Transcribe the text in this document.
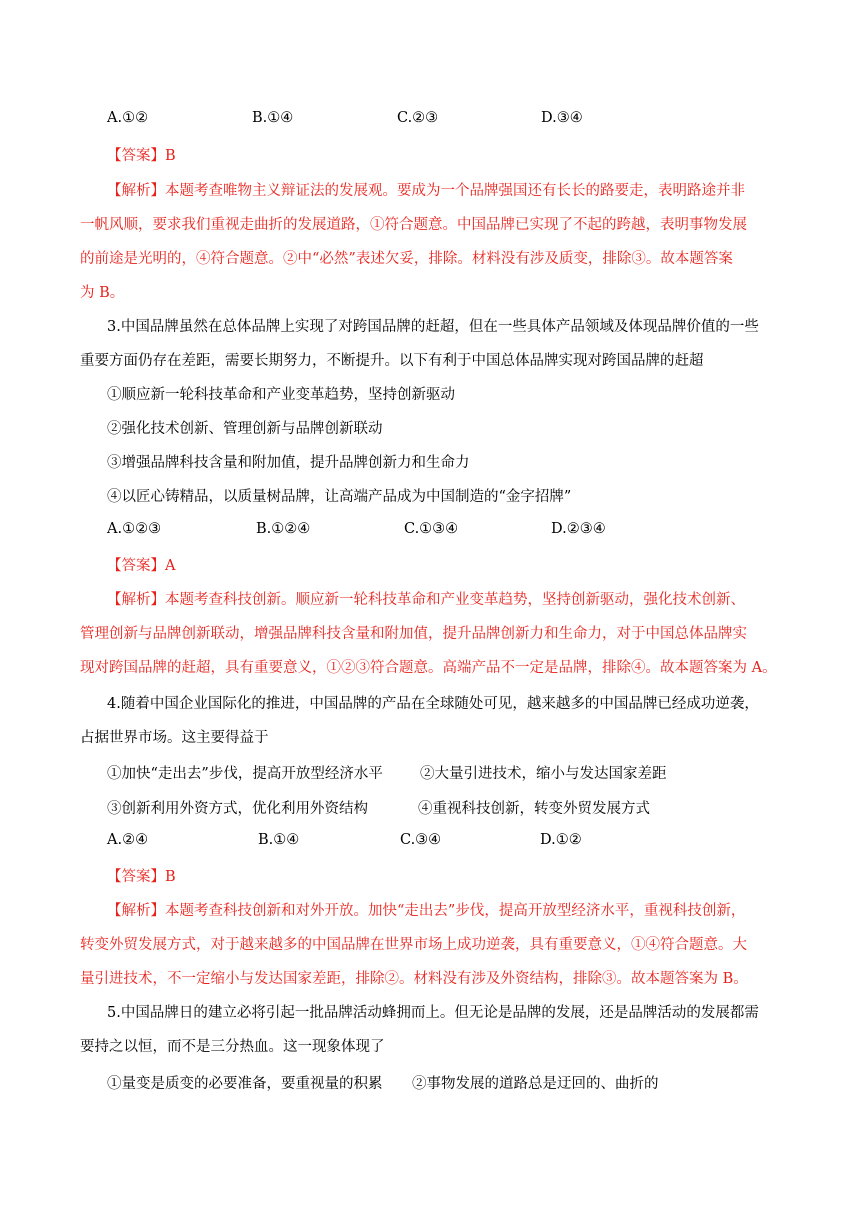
A.①②	B.①④	C.②③	D.③④
【答案】B
【解析】本题考查唯物主义辩证法的发展观。要成为一个品牌强国还有长长的路要走，表明路途并非
一帆风顺，要求我们重视走曲折的发展道路，①符合题意。中国品牌已实现了不起的跨越，表明事物发展
的前途是光明的，④符合题意。②中“必然”表述欠妥，排除。材料没有涉及质变，排除③。故本题答案
为 B。
3.中国品牌虽然在总体品牌上实现了对跨国品牌的赶超，但在一些具体产品领域及体现品牌价值的一些
重要方面仍存在差距，需要长期努力，不断提升。以下有利于中国总体品牌实现对跨国品牌的赶超
①顺应新一轮科技革命和产业变革趋势，坚持创新驱动
②强化技术创新、管理创新与品牌创新联动
③增强品牌科技含量和附加值，提升品牌创新力和生命力
④以匠心铸精品，以质量树品牌，让高端产品成为中国制造的“金字招牌”
A.①②③	B.①②④	C.①③④	D.②③④
【答案】A
【解析】本题考查科技创新。顺应新一轮科技革命和产业变革趋势，坚持创新驱动，强化技术创新、
管理创新与品牌创新联动，增强品牌科技含量和附加值，提升品牌创新力和生命力，对于中国总体品牌实
现对跨国品牌的赶超，具有重要意义，①②③符合题意。高端产品不一定是品牌，排除④。故本题答案为 A。
4.随着中国企业国际化的推进，中国品牌的产品在全球随处可见，越来越多的中国品牌已经成功逆袭，
占据世界市场。这主要得益于
①加快“走出去”步伐，提高开放型经济水平	②大量引进技术，缩小与发达国家差距
③创新利用外资方式，优化利用外资结构	④重视科技创新，转变外贸发展方式
A.②④	B.①④	C.③④	D.①②
【答案】B
【解析】本题考查科技创新和对外开放。加快“走出去”步伐，提高开放型经济水平，重视科技创新，
转变外贸发展方式，对于越来越多的中国品牌在世界市场上成功逆袭，具有重要意义，①④符合题意。大
量引进技术，不一定缩小与发达国家差距，排除②。材料没有涉及外资结构，排除③。故本题答案为 B。
5.中国品牌日的建立必将引起一批品牌活动蜂拥而上。但无论是品牌的发展，还是品牌活动的发展都需
要持之以恒，而不是三分热血。这一现象体现了
①量变是质变的必要准备，要重视量的积累 ②事物发展的道路总是迂回的、曲折的
